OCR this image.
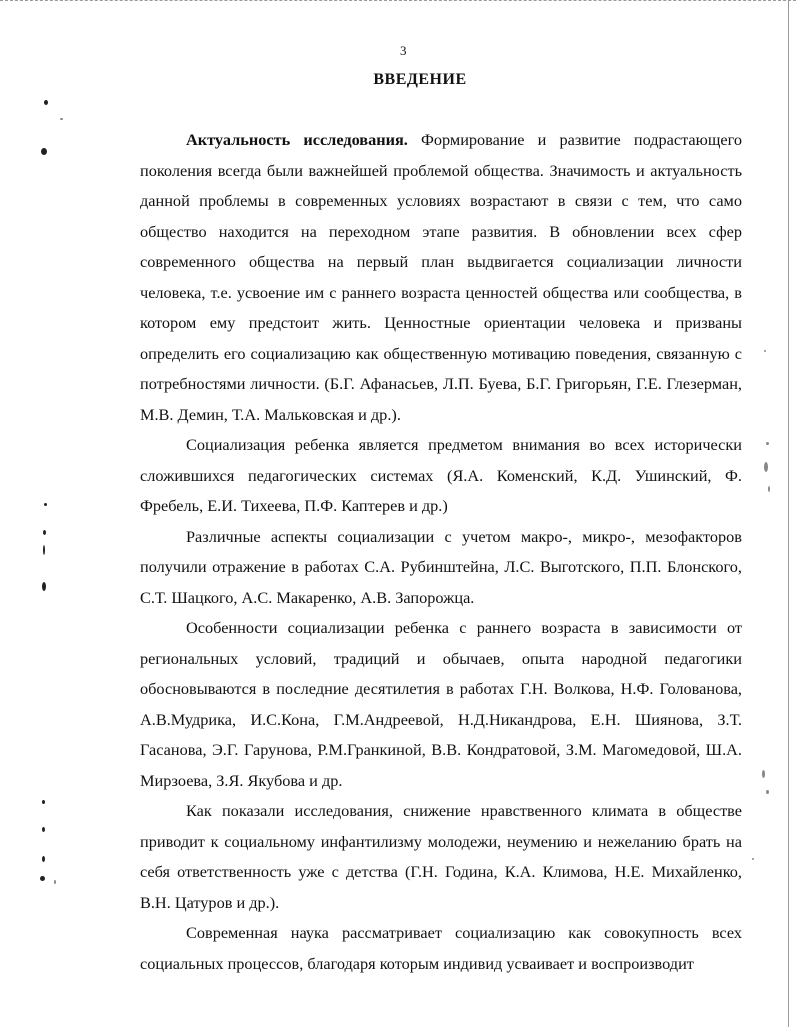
3
ВВЕДЕНИЕ

Актуальность исследования. Формирование и развитие подрастающего поколения всегда были важнейшей проблемой общества. Значимость и актуальность данной проблемы в современных условиях возрастают в связи с тем, что само общество находится на переходном этапе развития. В обновлении всех сфер современного общества на первый план выдвигается социализации личности человека, т.е. усвоение им с раннего возраста ценностей общества или сообщества, в котором ему предстоит жить. Ценностные ориентации человека и призваны определить его социализацию как общественную мотивацию поведения, связанную с потребностями личности. (Б.Г. Афанасьев, Л.П. Буева, Б.Г. Григорьян, Г.Е. Глезерман, М.В. Демин, Т.А. Мальковская и др.).

Социализация ребенка является предметом внимания во всех исторически сложившихся педагогических системах (Я.А. Коменский, К.Д. Ушинский, Ф. Фребель, Е.И. Тихеева, П.Ф. Каптерев и др.)

Различные аспекты социализации с учетом макро-, микро-, мезофакторов получили отражение в работах С.А. Рубинштейна, Л.С. Выготского, П.П. Блонского, С.Т. Шацкого, А.С. Макаренко, А.В. Запорожца.

Особенности социализации ребенка с раннего возраста в зависимости от региональных условий, традиций и обычаев, опыта народной педагогики обосновываются в последние десятилетия в работах Г.Н. Волкова, Н.Ф. Голованова, А.В.Мудрика, И.С.Кона, Г.М.Андреевой, Н.Д.Никандрова, Е.Н. Шиянова, З.Т. Гасанова, Э.Г. Гарунова, Р.М.Гранкиной, В.В. Кондратовой, З.М. Магомедовой, Ш.А. Мирзоева, З.Я. Якубова и др.

Как показали исследования, снижение нравственного климата в обществе приводит к социальному инфантилизму молодежи, неумению и нежеланию брать на себя ответственность уже с детства (Г.Н. Година, К.А. Климова, Н.Е. Михайленко, В.Н. Цатуров и др.).

Современная наука рассматривает социализацию как совокупность всех социальных процессов, благодаря которым индивид усваивает и воспроизводит
